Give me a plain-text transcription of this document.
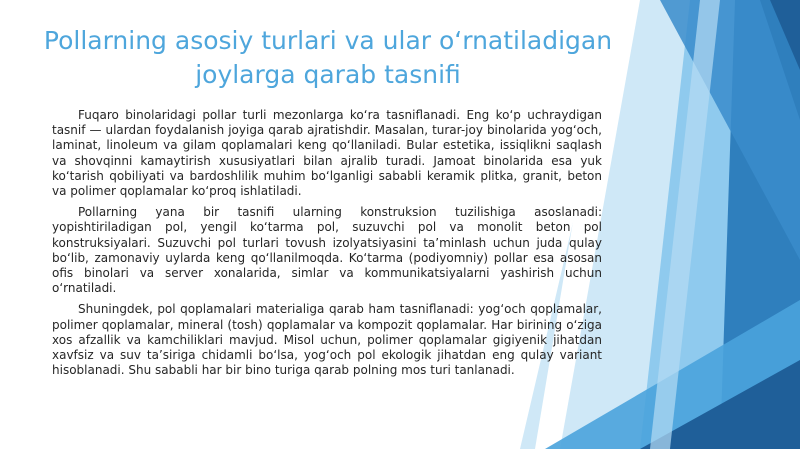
Pollarning asosiy turlari va ular o‘rnatiladigan joylarga qarab tasnifi

Fuqaro binolaridagi pollar turli mezonlarga ko‘ra tasniflanadi. Eng ko‘p uchraydigan tasnif — ulardan foydalanish joyiga qarab ajratishdir. Masalan, turar-joy binolarida yog‘och, laminat, linoleum va gilam qoplamalari keng qo‘llaniladi. Bular estetika, issiqlikni saqlash va shovqinni kamaytirish xususiyatlari bilan ajralib turadi. Jamoat binolarida esa yuk ko‘tarish qobiliyati va bardoshlilik muhim bo‘lganligi sababli keramik plitka, granit, beton va polimer qoplamalar ko‘proq ishlatiladi.

Pollarning yana bir tasnifi ularning konstruksion tuzilishiga asoslanadi: yopishtiriladigan pol, yengil ko‘tarma pol, suzuvchi pol va monolit beton pol konstruksiyalari. Suzuvchi pol turlari tovush izolyatsiyasini ta’minlash uchun juda qulay bo‘lib, zamonaviy uylarda keng qo‘llanilmoqda. Ko‘tarma (podiyomniy) pollar esa asosan ofis binolari va server xonalarida, simlar va kommunikatsiyalarni yashirish uchun o‘rnatiladi.

Shuningdek, pol qoplamalari materialiga qarab ham tasniflanadi: yog‘och qoplamalar, polimer qoplamalar, mineral (tosh) qoplamalar va kompozit qoplamalar. Har birining o‘ziga xos afzallik va kamchiliklari mavjud. Misol uchun, polimer qoplamalar gigiyenik jihatdan xavfsiz va suv ta’siriga chidamli bo‘lsa, yog‘och pol ekologik jihatdan eng qulay variant hisoblanadi. Shu sababli har bir bino turiga qarab polning mos turi tanlanadi.
